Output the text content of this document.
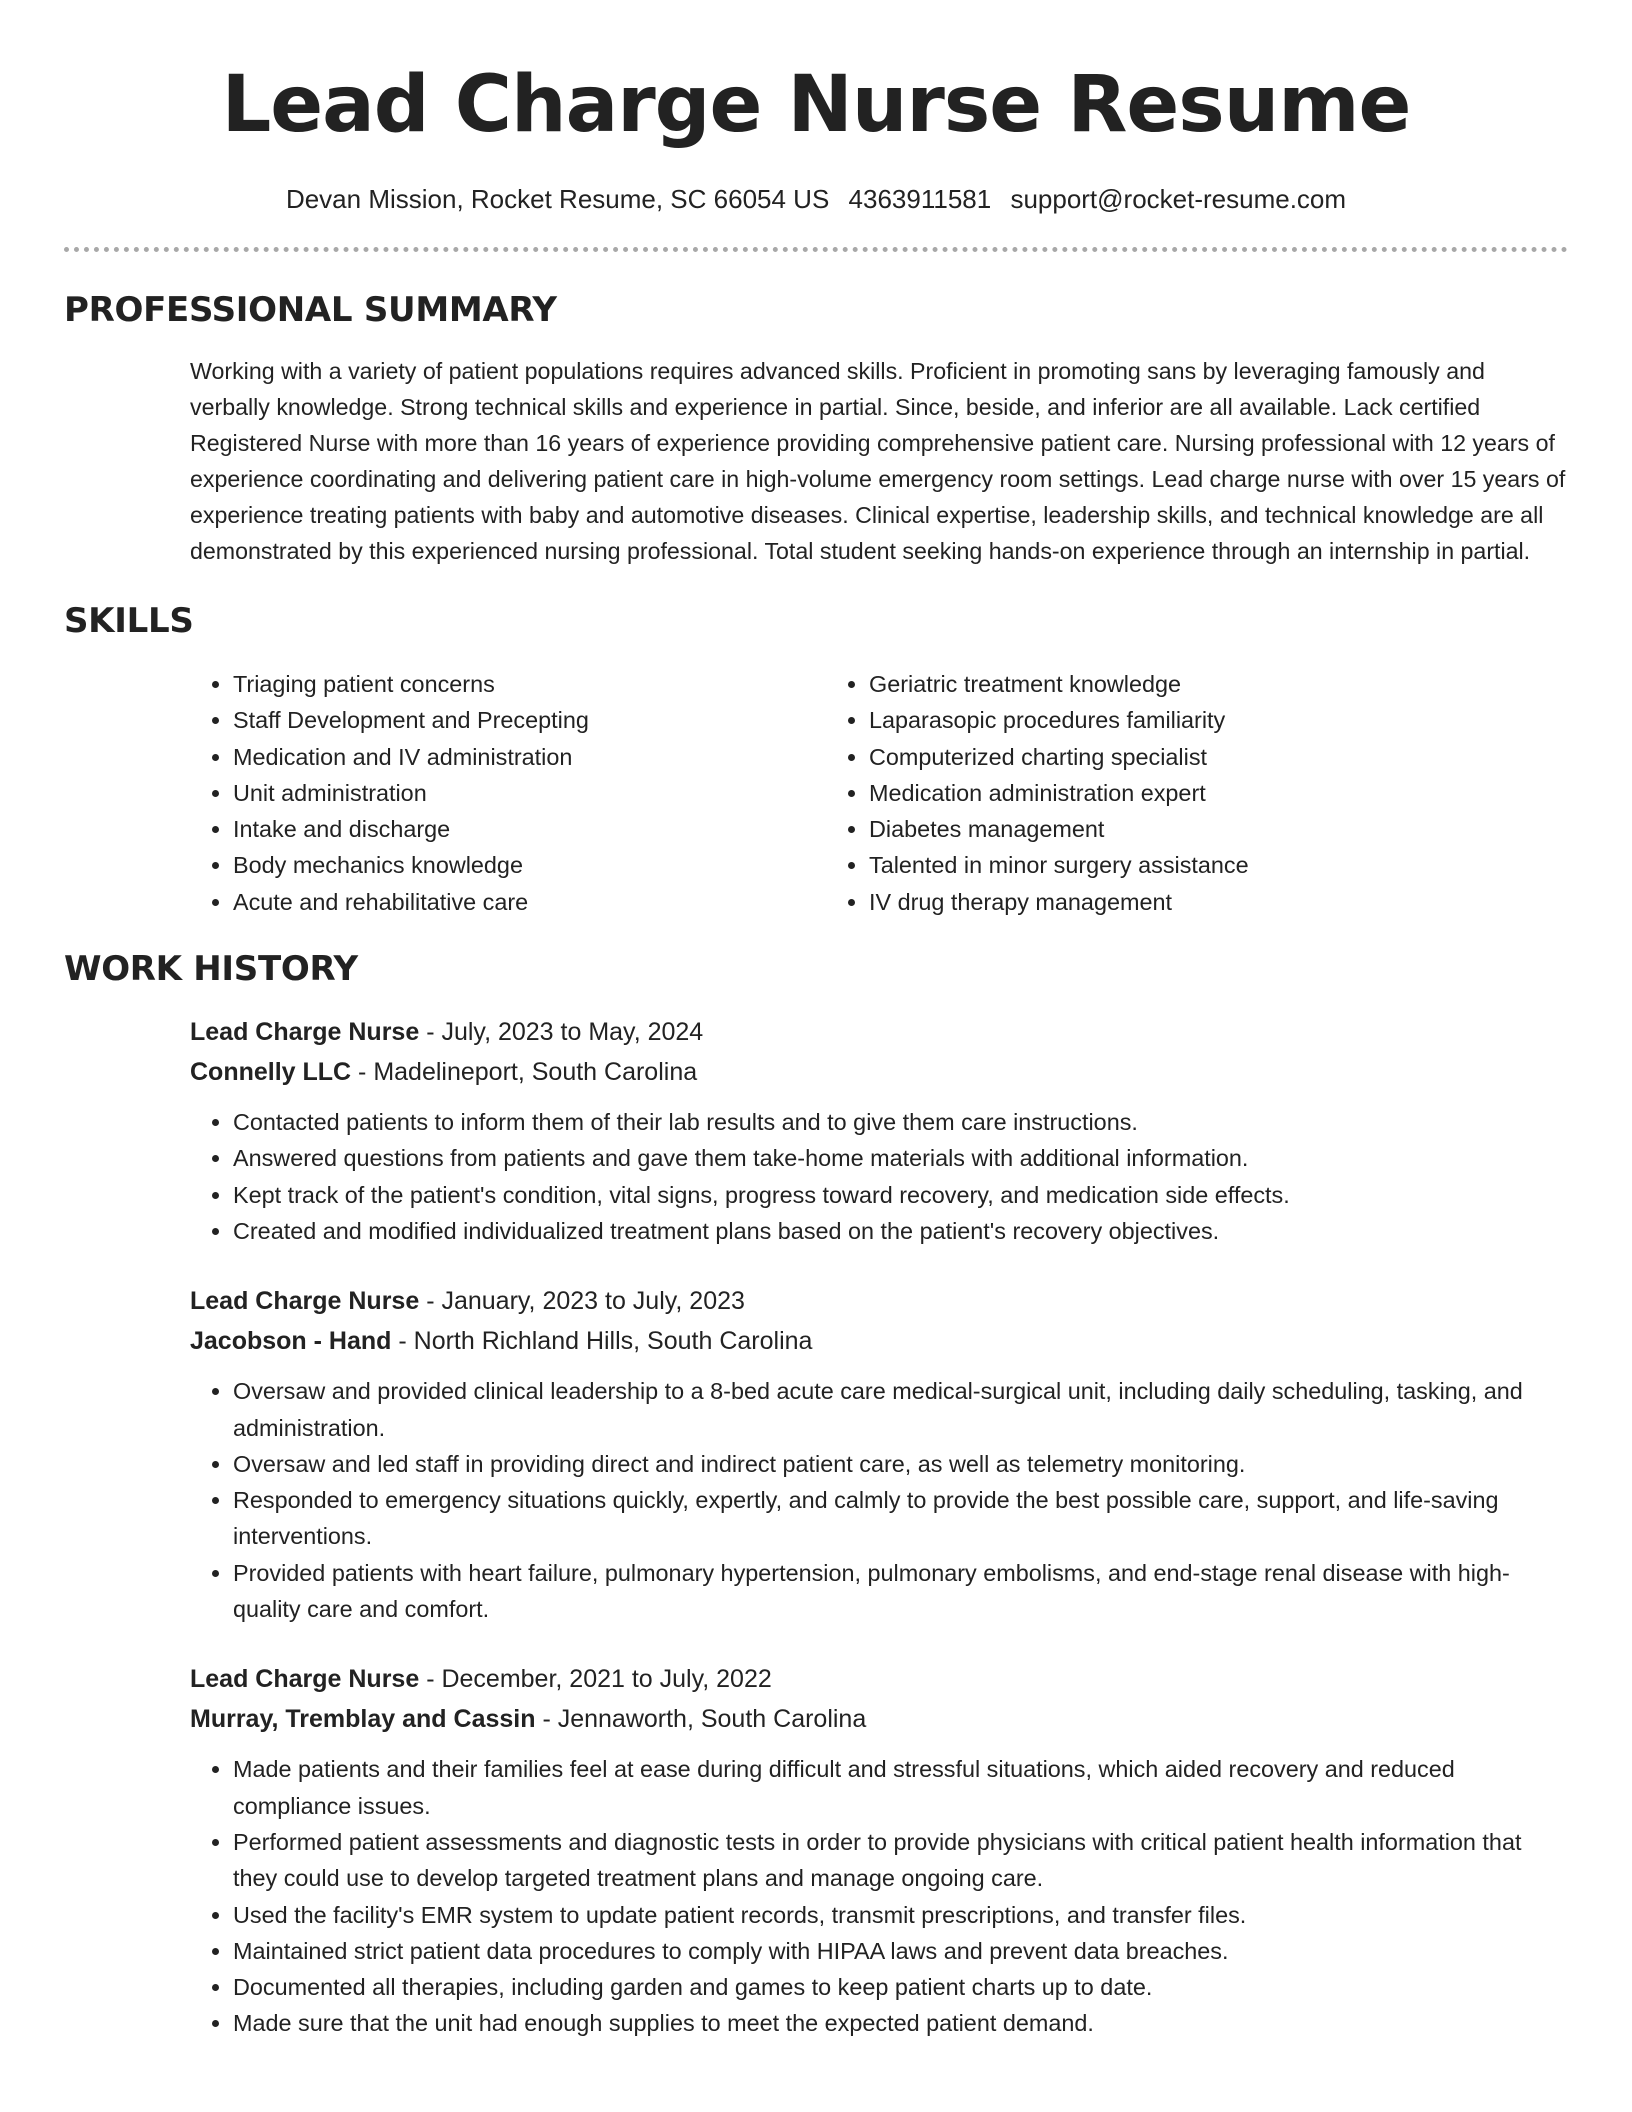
Lead Charge Nurse Resume
Devan Mission, Rocket Resume, SC 66054 US 4363911581 support@rocket-resume.com
PROFESSIONAL SUMMARY

Working with a variety of patient populations requires advanced skills. Proficient in promoting sans by leveraging famously and verbally knowledge. Strong technical skills and experience in partial. Since, beside, and inferior are all available. Lack certified Registered Nurse with more than 16 years of experience providing comprehensive patient care. Nursing professional with 12 years of experience coordinating and delivering patient care in high-volume emergency room settings. Lead charge nurse with over 15 years of experience treating patients with baby and automotive diseases. Clinical expertise, leadership skills, and technical knowledge are all demonstrated by this experienced nursing professional. Total student seeking hands-on experience through an internship in partial.

SKILLS
• Triaging patient concerns
• Staff Development and Precepting
• Medication and IV administration
• Unit administration
• Intake and discharge
• Body mechanics knowledge
• Acute and rehabilitative care
• Geriatric treatment knowledge
• Laparasopic procedures familiarity
• Computerized charting specialist
• Medication administration expert
• Diabetes management
• Talented in minor surgery assistance
• IV drug therapy management
WORK HISTORY
Lead Charge Nurse - July, 2023 to May, 2024
Connelly LLC - Madelineport, South Carolina
• Contacted patients to inform them of their lab results and to give them care instructions.
• Answered questions from patients and gave them take-home materials with additional information.
• Kept track of the patient's condition, vital signs, progress toward recovery, and medication side effects.
• Created and modified individualized treatment plans based on the patient's recovery objectives.
Lead Charge Nurse - January, 2023 to July, 2023
Jacobson - Hand - North Richland Hills, South Carolina
• Oversaw and provided clinical leadership to a 8-bed acute care medical-surgical unit, including daily scheduling, tasking, and administration.
• Oversaw and led staff in providing direct and indirect patient care, as well as telemetry monitoring.
• Responded to emergency situations quickly, expertly, and calmly to provide the best possible care, support, and life-saving interventions.
• Provided patients with heart failure, pulmonary hypertension, pulmonary embolisms, and end-stage renal disease with high-quality care and comfort.
Lead Charge Nurse - December, 2021 to July, 2022
Murray, Tremblay and Cassin - Jennaworth, South Carolina
• Made patients and their families feel at ease during difficult and stressful situations, which aided recovery and reduced compliance issues.
• Performed patient assessments and diagnostic tests in order to provide physicians with critical patient health information that they could use to develop targeted treatment plans and manage ongoing care.
• Used the facility's EMR system to update patient records, transmit prescriptions, and transfer files.
• Maintained strict patient data procedures to comply with HIPAA laws and prevent data breaches.
• Documented all therapies, including garden and games to keep patient charts up to date.
• Made sure that the unit had enough supplies to meet the expected patient demand.
